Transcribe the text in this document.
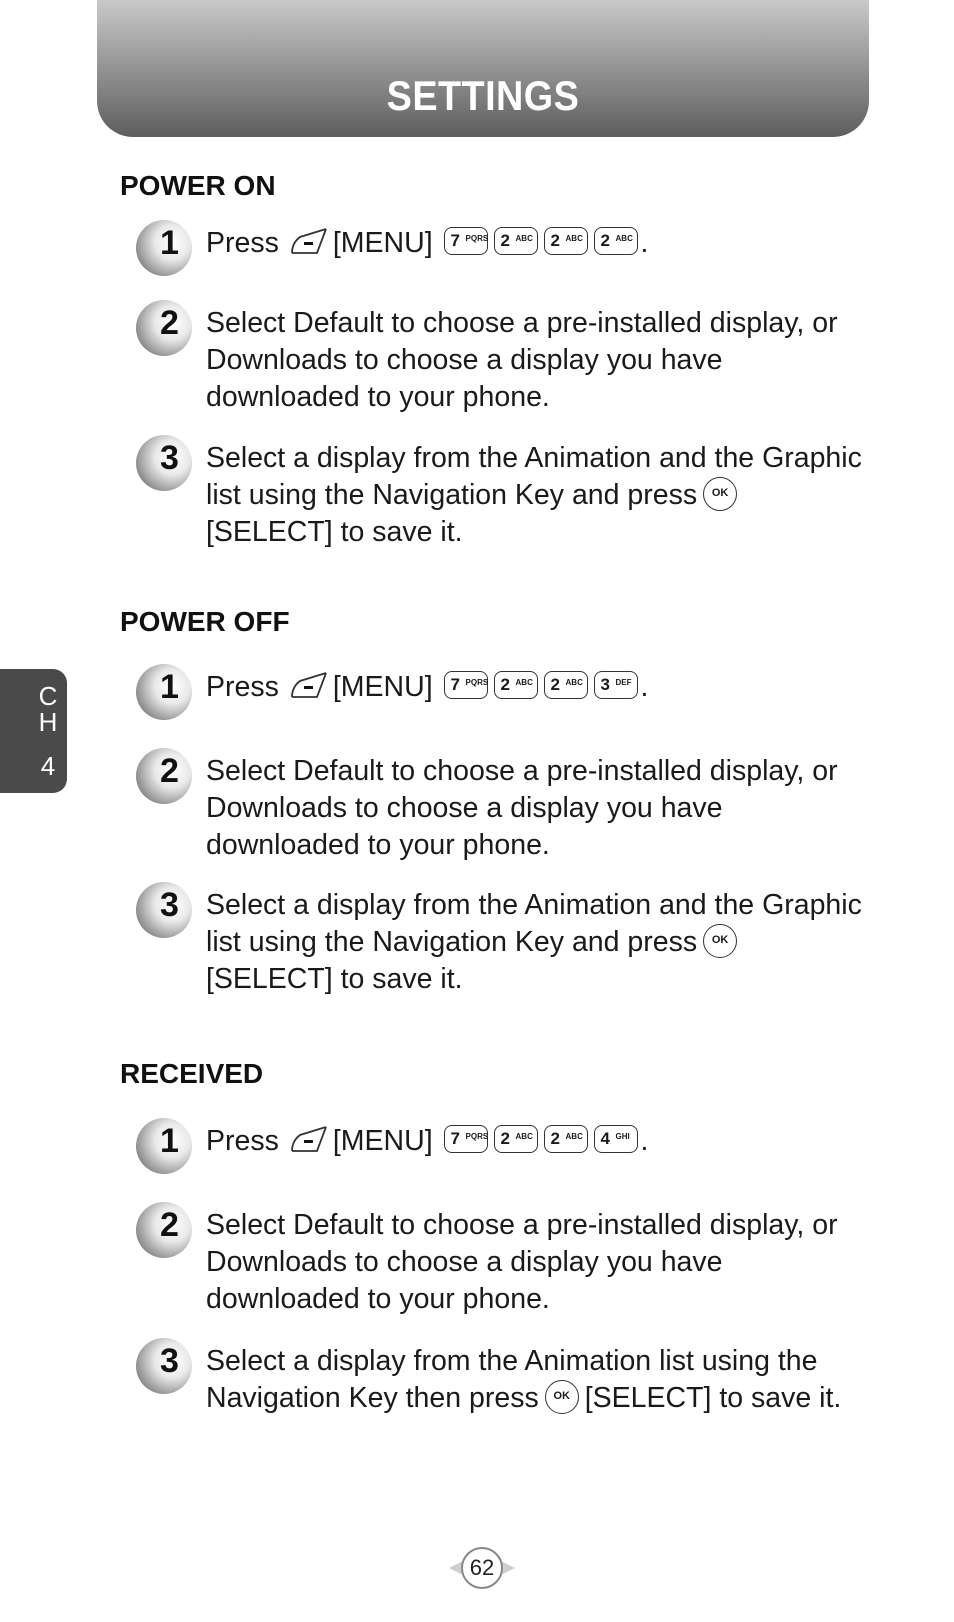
SETTINGS
C
H
4
POWER ON
1 Press [MENU] 7 PQRS 2 ABC 2 ABC 2 ABC .
2 Select Default to choose a pre-installed display, or Downloads to choose a display you have downloaded to your phone.
3 Select a display from the Animation and the Graphic list using the Navigation Key and press OK[SELECT] to save it.
POWER OFF
1 Press [MENU] 7 PQRS 2 ABC 2 ABC 3 DEF .
2 Select Default to choose a pre-installed display, or Downloads to choose a display you have downloaded to your phone.
3 Select a display from the Animation and the Graphic list using the Navigation Key and press OK[SELECT] to save it.
RECEIVED
1 Press [MENU] 7 PQRS 2 ABC 2 ABC 4 GHI .
2 Select Default to choose a pre-installed display, or Downloads to choose a display you have downloaded to your phone.
3 Select a display from the Animation list using the Navigation Key then press OK [SELECT] to save it.
62
